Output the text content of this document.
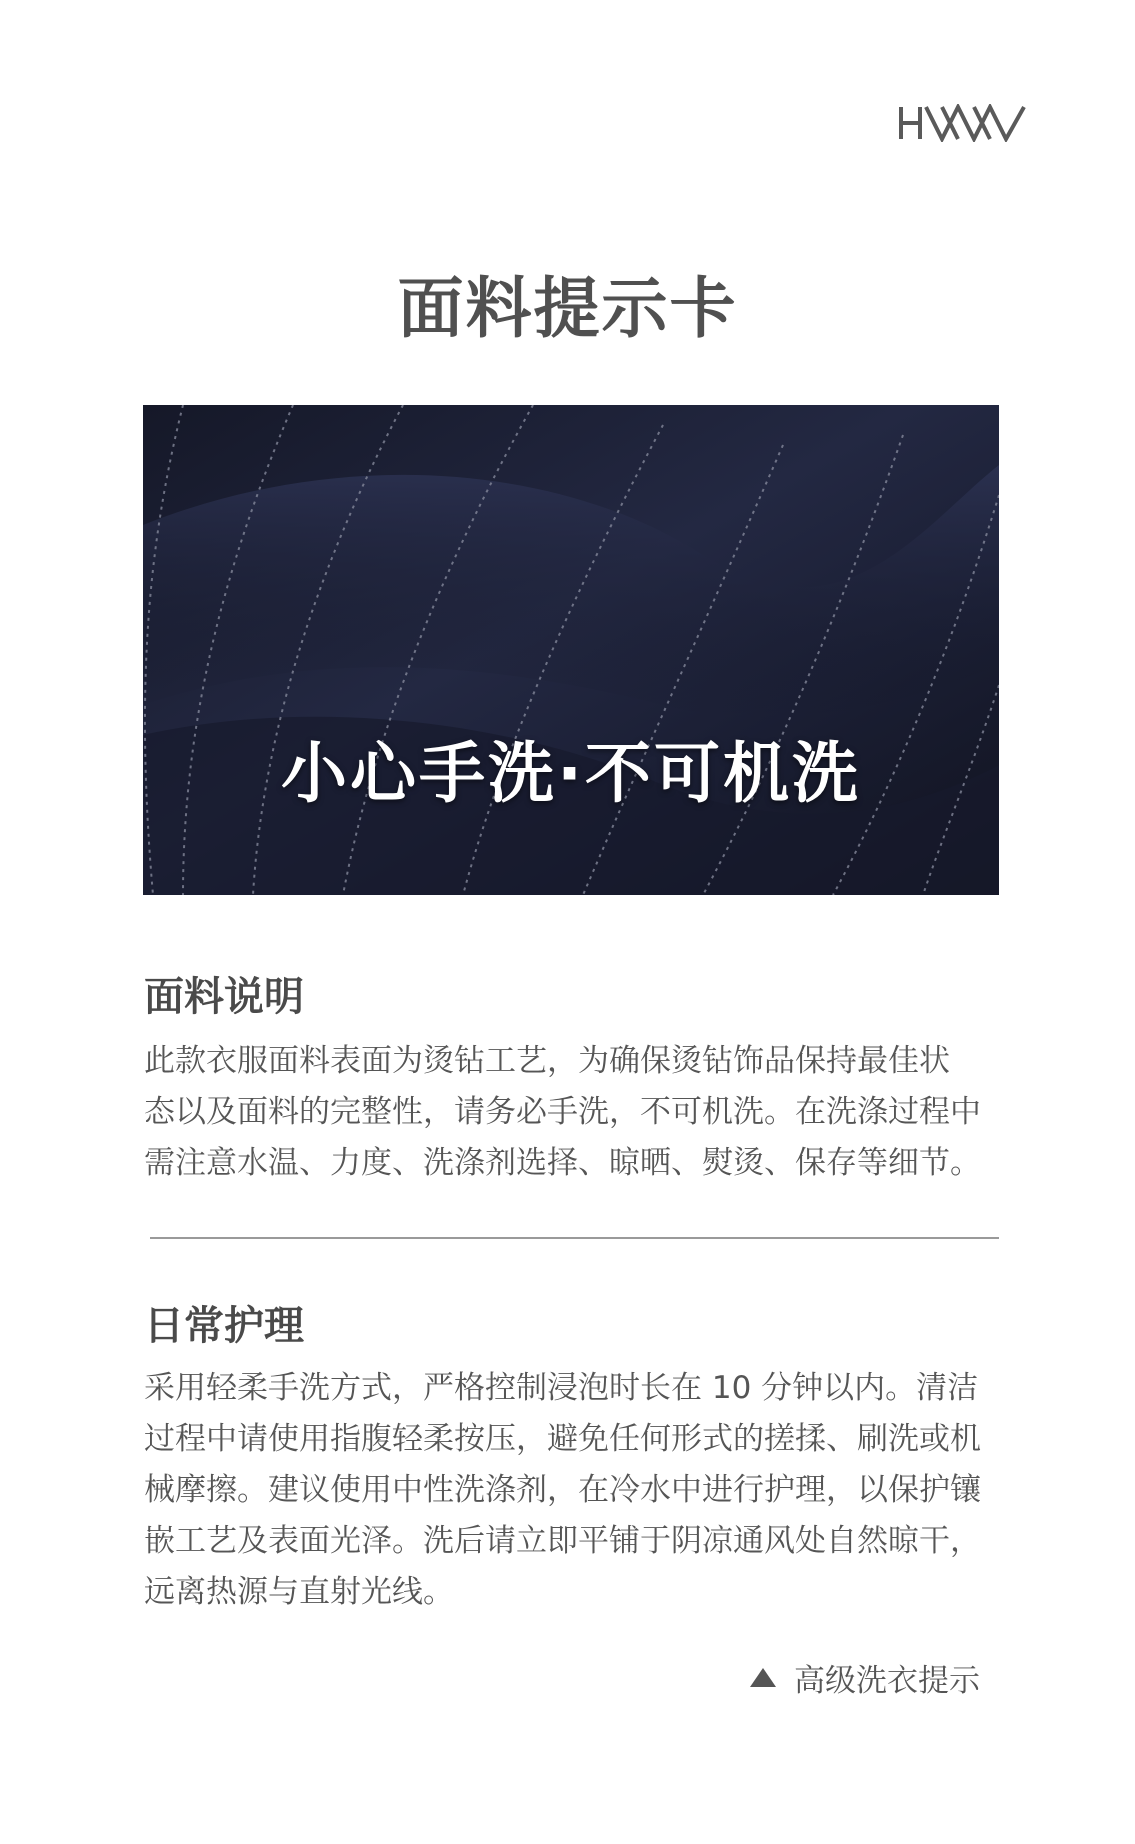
面料提示卡
小心手洗·不可机洗
面料说明
此款衣服面料表面为烫钻工艺，为确保烫钻饰品保持最佳状
态以及面料的完整性，请务必手洗，不可机洗。在洗涤过程中
需注意水温、力度、洗涤剂选择、晾晒、熨烫、保存等细节。
日常护理
采用轻柔手洗方式，严格控制浸泡时长在 10 分钟以内。清洁
过程中请使用指腹轻柔按压，避免任何形式的搓揉、刷洗或机
械摩擦。建议使用中性洗涤剂，在冷水中进行护理，以保护镶
嵌工艺及表面光泽。洗后请立即平铺于阴凉通风处自然晾干，
远离热源与直射光线。
高级洗衣提示
